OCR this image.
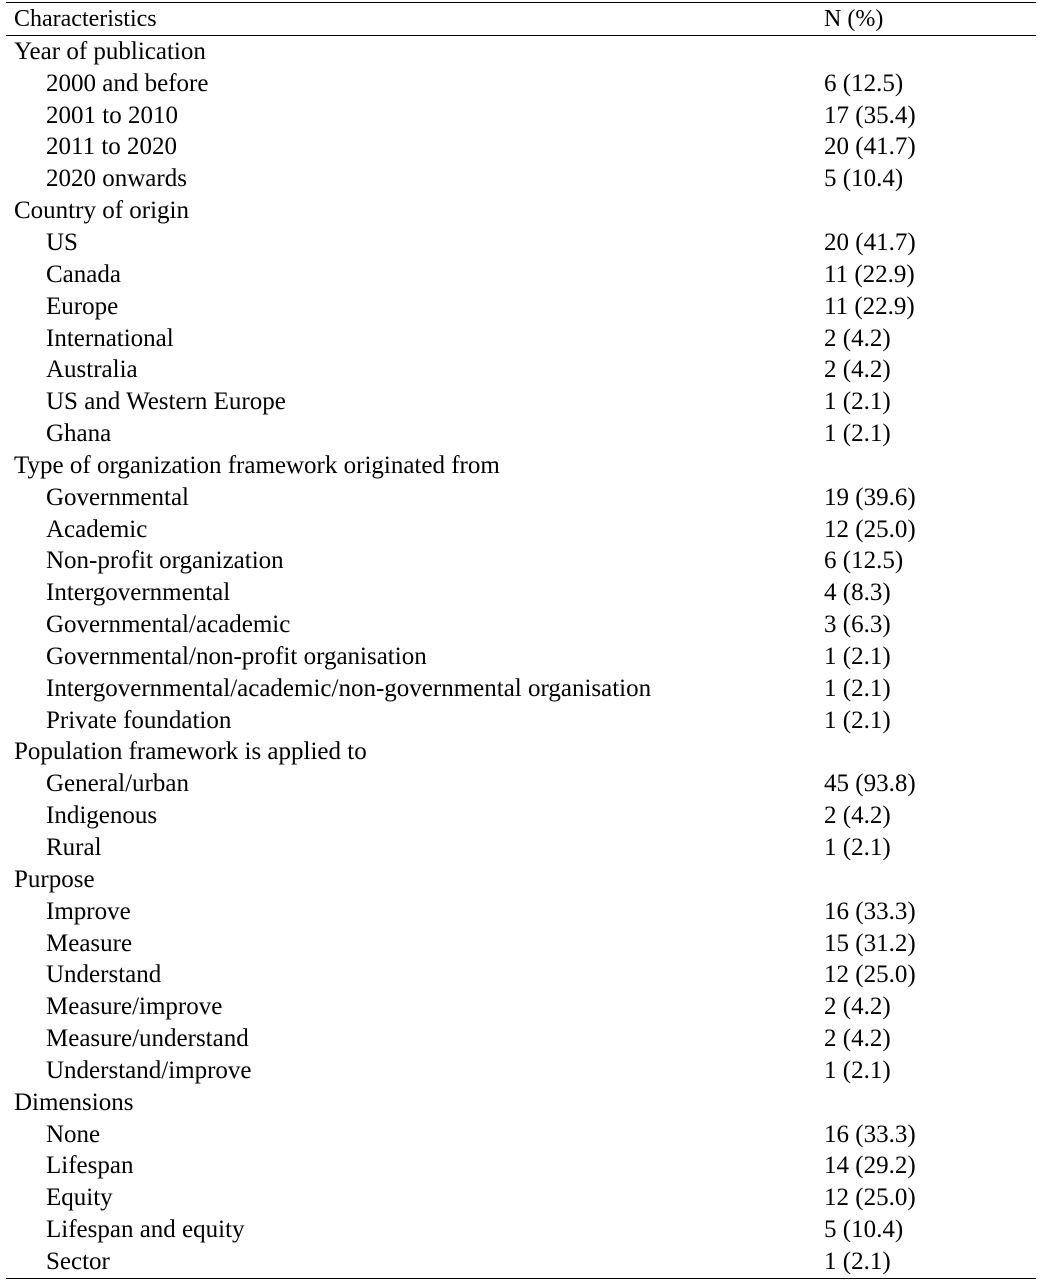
Characteristics	N (%)
Year of publication
2000 and before	6 (12.5)
2001 to 2010	17 (35.4)
2011 to 2020	20 (41.7)
2020 onwards	5 (10.4)
Country of origin
US	20 (41.7)
Canada	11 (22.9)
Europe	11 (22.9)
International	2 (4.2)
Australia	2 (4.2)
US and Western Europe	1 (2.1)
Ghana	1 (2.1)
Type of organization framework originated from
Governmental	19 (39.6)
Academic	12 (25.0)
Non-profit organization	6 (12.5)
Intergovernmental	4 (8.3)
Governmental/academic	3 (6.3)
Governmental/non-profit organisation	1 (2.1)
Intergovernmental/academic/non-governmental organisation	1 (2.1)
Private foundation	1 (2.1)
Population framework is applied to
General/urban	45 (93.8)
Indigenous	2 (4.2)
Rural	1 (2.1)
Purpose
Improve	16 (33.3)
Measure	15 (31.2)
Understand	12 (25.0)
Measure/improve	2 (4.2)
Measure/understand	2 (4.2)
Understand/improve	1 (2.1)
Dimensions
None	16 (33.3)
Lifespan	14 (29.2)
Equity	12 (25.0)
Lifespan and equity	5 (10.4)
Sector	1 (2.1)
